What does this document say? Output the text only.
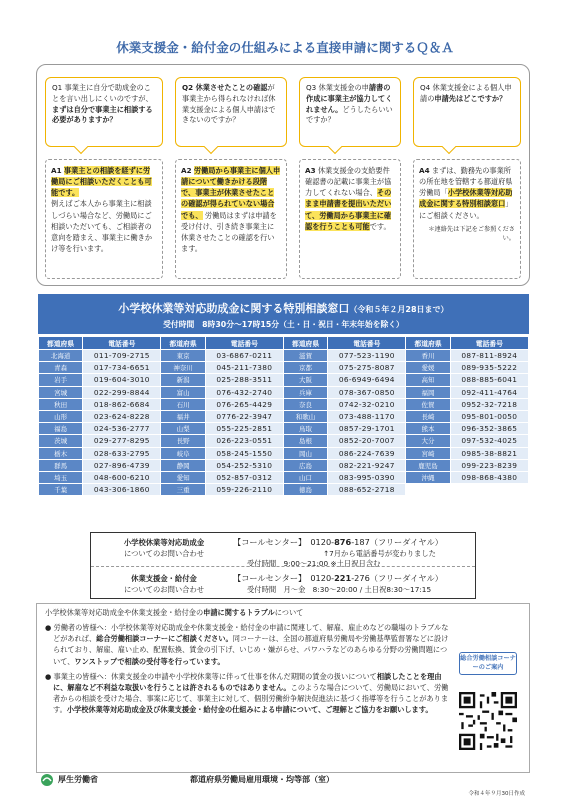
休業支援金・給付金の仕組みによる直接申請に関するＱ＆Ａ
Q1 事業主に自分で助成金のことを言い出しにくいのですが、まずは自分で事業主に相談する必要がありますか？
Q2 休業させたことの確認が事業主から得られなければ休業支援金による個人申請はできないのですか？
Q3 休業支援金の申請書の作成に事業主が協力してくれません。どうしたらいいですか？
Q4 休業支援金による個人申請の申請先はどこですか？
A1 事業主との相談を経ずに労働局にご相談いただくことも可能です。
例えばご本人から事業主に相談しづらい場合など、労働局にご相談いただいても、ご相談者の意向を踏まえ、事業主に働きかけ等を行います。
A2 労働局から事業主に個人申請について働きかける段階で、事業主が休業させたことの確認が得られていない場合でも、 労働局はまずは申請を受け付け、引き続き事業主に休業させたことの確認を行います。
A3 休業支援金の支給要件確認書の記載に事業主が協力してくれない場合、そのまま申請書を提出いただいて、労働局から事業主に確認を行うことも可能です。
A4 まずは、勤務先の事業所の所在地を管轄する都道府県労働局「小学校休業等対応助成金に関する特別相談窓口」にご相談ください。
＊連絡先は下記をご参照ください。
小学校休業等対応助成金に関する特別相談窓口（令和５年２月28日まで）
受付時間　8時30分～17時15分（土・日・祝日・年末年始を除く）
都道府県	電話番号	都道府県	電話番号	都道府県	電話番号	都道府県	電話番号
北海道	011-709-2715	東京	03-6867-0211	滋賀	077-523-1190	香川	087-811-8924
青森	017-734-6651	神奈川	045-211-7380	京都	075-275-8087	愛媛	089-935-5222
岩手	019-604-3010	新潟	025-288-3511	大阪	06-6949-6494	高知	088-885-6041
宮城	022-299-8844	富山	076-432-2740	兵庫	078-367-0850	福岡	092-411-4764
秋田	018-862-6684	石川	076-265-4429	奈良	0742-32-0210	佐賀	0952-32-7218
山形	023-624-8228	福井	0776-22-3947	和歌山	073-488-1170	長崎	095-801-0050
福島	024-536-2777	山梨	055-225-2851	鳥取	0857-29-1701	熊本	096-352-3865
茨城	029-277-8295	長野	026-223-0551	島根	0852-20-7007	大分	097-532-4025
栃木	028-633-2795	岐阜	058-245-1550	岡山	086-224-7639	宮崎	0985-38-8821
群馬	027-896-4739	静岡	054-252-5310	広島	082-221-9247	鹿児島	099-223-8239
埼玉	048-600-6210	愛知	052-857-0312	山口	083-995-0390	沖縄	098-868-4380
千葉	043-306-1860	三重	059-226-2110	徳島	088-652-2718		
小学校休業等対応助成金
についてのお問い合わせ
【コールセンター】　 0120-876-187（フリーダイヤル）
↑7月から電話番号が変わりました
受付時間　9:00～21:00 ※土日祝日含む
休業支援金・給付金
についてのお問い合わせ
【コールセンター】　 0120-221-276（フリーダイヤル）
受付時間　月～金　8:30～20:00 / 土日祝8:30～17:15
小学校休業等対応助成金や休業支援金・給付金の申請に関するトラブルについて
● 労働者の皆様へ：小学校休業等対応助成金や休業支援金・給付金の申請に関連して、解雇、雇止めなどの職場のトラブルなどがあれば、総合労働相談コーナーにご相談ください。同コーナーは、全国の都道府県労働局や労働基準監督署などに設けられており、解雇、雇い止め、配置転換、賃金の引下げ、いじめ・嫌がらせ、パワハラなどのあらゆる分野の労働問題について、ワンストップで相談の受付等を行っています。
● 事業主の皆様へ：休業支援金の申請や小学校休業等に伴って仕事を休んだ期間の賃金の扱いについて相談したことを理由に、解雇など不利益な取扱いを行うことは許されるものではありません。このような場合について、労働局において、労働者からの相談を受けた場合、事案に応じて、事業主に対して、個別労働紛争解決促進法に基づく指導等を行うことがあります。小学校休業等対応助成金及び休業支援金・給付金の仕組みによる申請について、ご理解とご協力をお願いします。
総合労働相談コーナーのご案内
厚生労働省	都道府県労働局雇用環境・均等部（室）
令和４年９月30日作成
